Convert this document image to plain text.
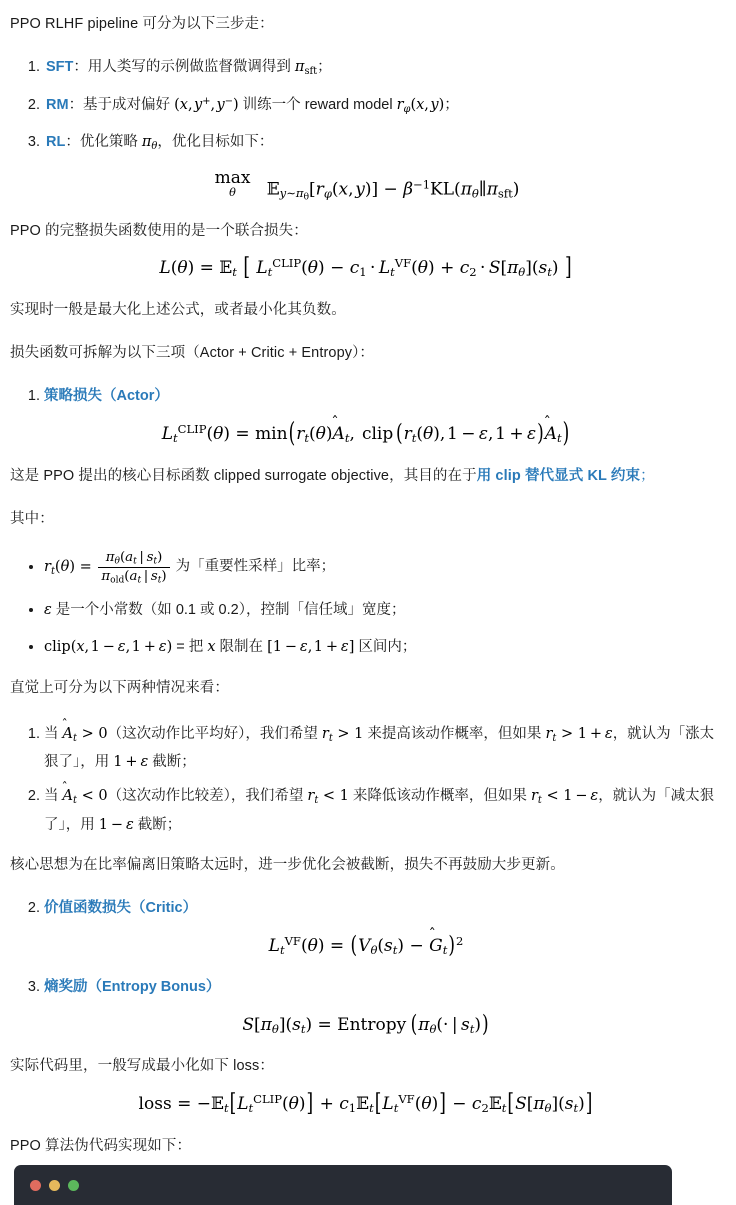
PPO RLHF pipeline 可分为以下三步走：

1. SFT：用人类写的示例做监督微调得到 $\pi_{sft}$；
2. RM：基于成对偏好 (x, y+, y−) 训练一个 reward model $r_\varphi(x$, y)；
3. RL：优化策略 $\pi_\theta$，优化目标如下：
max
θ
 	$𝔼_{y\sim\pi_\theta}[r_\varphi(x$, $y)] - \beta^{-1}KL(\pi_\theta\parallel\pi_{sft})$

PPO 的完整损失函数使用的是一个联合损失：

L(θ) = 𝔼$_t$ [ $L_t^{CLIP}(\theta) - c_1 \cdot L_t^{VF}(\theta) + c_2 \cdot S[\pi_\theta](s_t)$ ]

实现时一般是最大化上述公式，或者最小化其负数。

损失函数可拆解为以下三项（Actor + Critic + Entropy）：

1. 策略损失（Actor）
$L_t^{CLIP}(\theta) = \min(r_t(\theta)$
$A_t$,  clip  ($r_t(\theta)$, 1 − ε, 1 + ε)
$A_t$)

这是 PPO 提出的核心目标函数 clipped surrogate objective，其目的在于用 clip 替代显式 KL 约束；

其中：

• $r_t(\theta) = \frac{\pi_\theta(a_t | s_t)}{\pi_{old}(a_t | s_t)}$ 为「重要性采样」比率；
• ε 是一个小常数（如 0.1 或 0.2），控制「信任域」宽度；
• clip(x, 1 − ε, 1 + ε) = 把 x 限制在 [1 − ε, 1 + ε] 区间内；

直觉上可分为以下两种情况来看：

1. 当
$A_t > 0$（这次动作比平均好），我们希望 $r_t > 1$ 来提高该动作概率，但如果 $r_t > 1 + \varepsilon$，就认为「涨太狠了」，用 1 + ε 截断；
2. 当
$A_t < 0$（这次动作比较差），我们希望 $r_t < 1$ 来降低该动作概率，但如果 $r_t < 1 - \varepsilon$，就认为「减太狠了」，用 1 − ε 截断；

核心思想为在比率偏离旧策略太远时，进一步优化会被截断，损失不再鼓励大步更新。

2. 价值函数损失（Critic）
$L_t^{VF}(\theta) = (V_\theta(s_t) - G_t)^2$
3. 熵奖励（Entropy Bonus）
$S[\pi_\theta](s_t)$ = Entropy  ($\pi_\theta(\cdot$ | $s_t$))

实际代码里，一般写成最小化如下 loss：

loss = $-𝔼_t[L_t^{CLIP}(\theta)]$ + $c_1𝔼_t[L_t^{VF}(\theta)]$ − $c_2𝔼_t[S[\pi_\theta](s_t)]$

PPO 算法伪代码实现如下：
